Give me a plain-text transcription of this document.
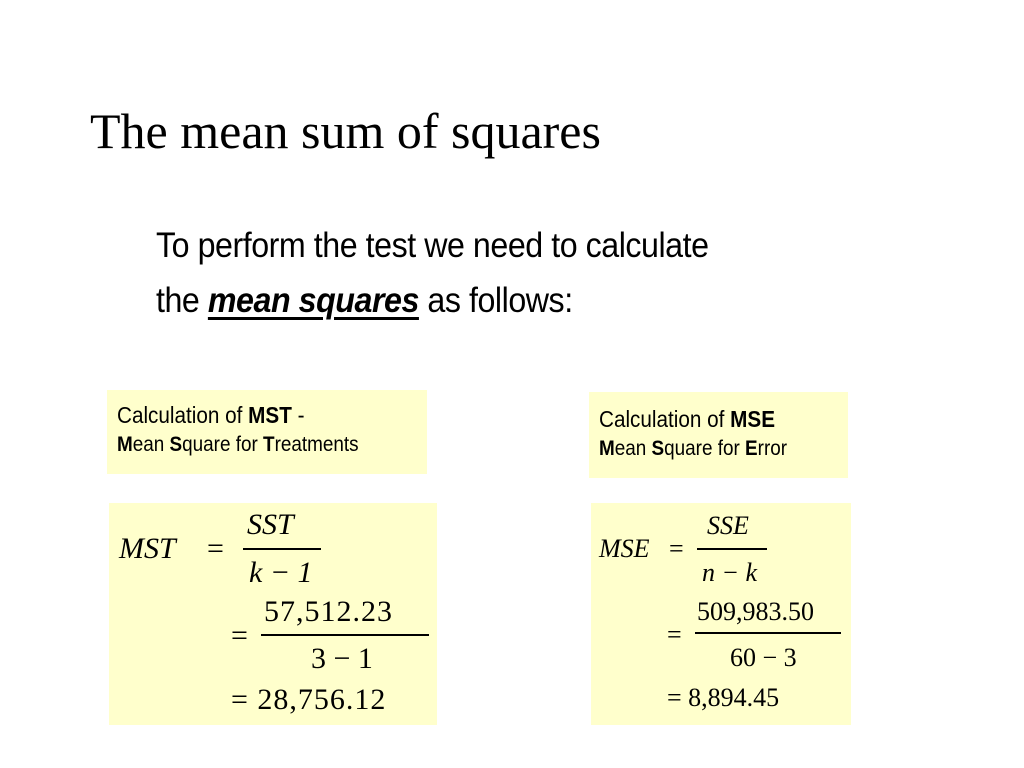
The mean sum of squares
To perform the test we need to calculate
the mean squares as follows:
Calculation of MST -
Mean Square for Treatments
MST =
SST
k − 1
=
57,512.23
3 − 1
= 28,756.12
Calculation of MSE
Mean Square for Error
MSE =
SSE
n − k
=
509,983.50
60 − 3
= 8,894.45
